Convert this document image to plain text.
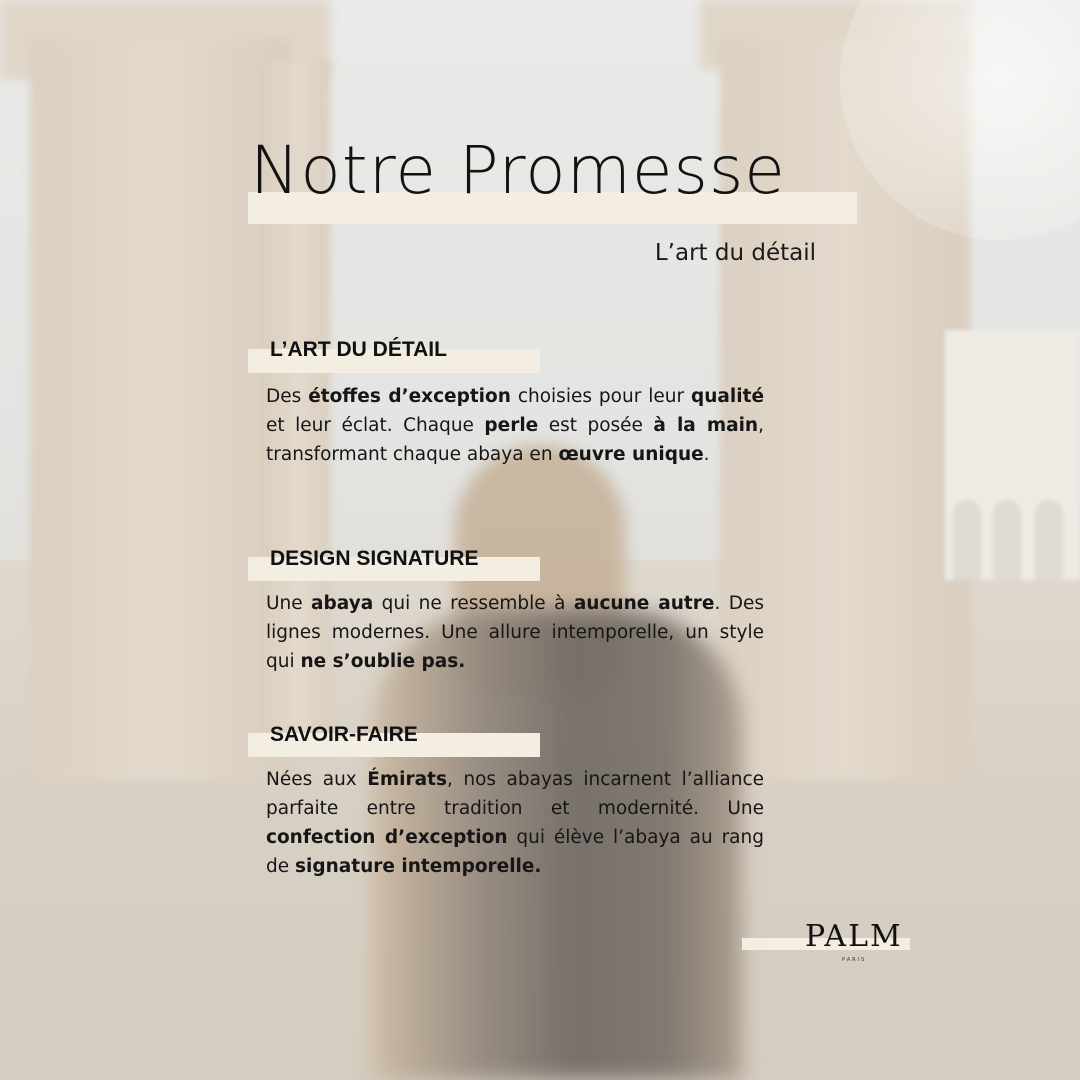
Notre Promesse
L’art du détail
L’ART DU DÉTAIL

Des étoffes d’exception choisies pour leur qualité et leur éclat. Chaque perle est posée à la main, transformant chaque abaya en œuvre unique.

DESIGN SIGNATURE

Une abaya qui ne ressemble à aucune autre. Des lignes modernes. Une allure intemporelle, un style qui ne s’oublie pas.

SAVOIR-FAIRE

Nées aux Émirats, nos abayas incarnent l’alliance parfaite entre tradition et modernité. Une confection d’exception qui élève l’abaya au rang de signature intemporelle.

PALM
PARIS
